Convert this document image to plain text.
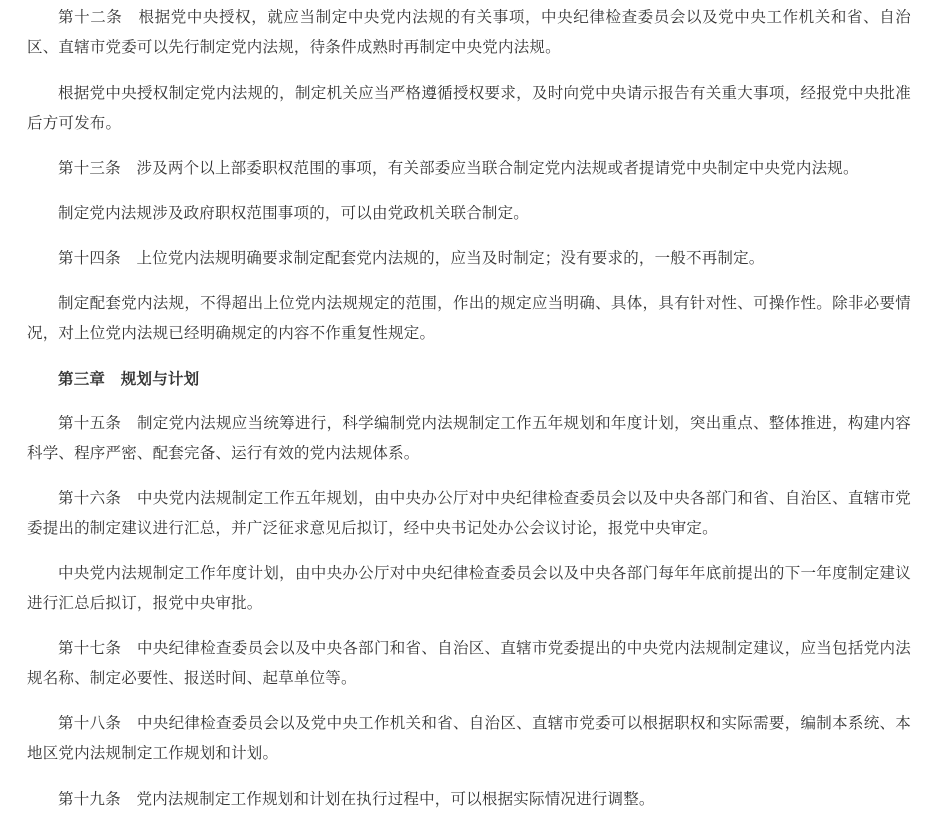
第十二条　根据党中央授权，就应当制定中央党内法规的有关事项，中央纪律检查委员会以及党中央工作机关和省、自治区、直辖市党委可以先行制定党内法规，待条件成熟时再制定中央党内法规。

根据党中央授权制定党内法规的，制定机关应当严格遵循授权要求，及时向党中央请示报告有关重大事项，经报党中央批准后方可发布。

第十三条　涉及两个以上部委职权范围的事项，有关部委应当联合制定党内法规或者提请党中央制定中央党内法规。

制定党内法规涉及政府职权范围事项的，可以由党政机关联合制定。

第十四条　上位党内法规明确要求制定配套党内法规的，应当及时制定；没有要求的，一般不再制定。

制定配套党内法规，不得超出上位党内法规规定的范围，作出的规定应当明确、具体，具有针对性、可操作性。除非必要情况，对上位党内法规已经明确规定的内容不作重复性规定。

第三章　规划与计划

第十五条　制定党内法规应当统筹进行，科学编制党内法规制定工作五年规划和年度计划，突出重点、整体推进，构建内容科学、程序严密、配套完备、运行有效的党内法规体系。

第十六条　中央党内法规制定工作五年规划，由中央办公厅对中央纪律检查委员会以及中央各部门和省、自治区、直辖市党委提出的制定建议进行汇总，并广泛征求意见后拟订，经中央书记处办公会议讨论，报党中央审定。

中央党内法规制定工作年度计划，由中央办公厅对中央纪律检查委员会以及中央各部门每年年底前提出的下一年度制定建议进行汇总后拟订，报党中央审批。

第十七条　中央纪律检查委员会以及中央各部门和省、自治区、直辖市党委提出的中央党内法规制定建议，应当包括党内法规名称、制定必要性、报送时间、起草单位等。

第十八条　中央纪律检查委员会以及党中央工作机关和省、自治区、直辖市党委可以根据职权和实际需要，编制本系统、本地区党内法规制定工作规划和计划。

第十九条　党内法规制定工作规划和计划在执行过程中，可以根据实际情况进行调整。
